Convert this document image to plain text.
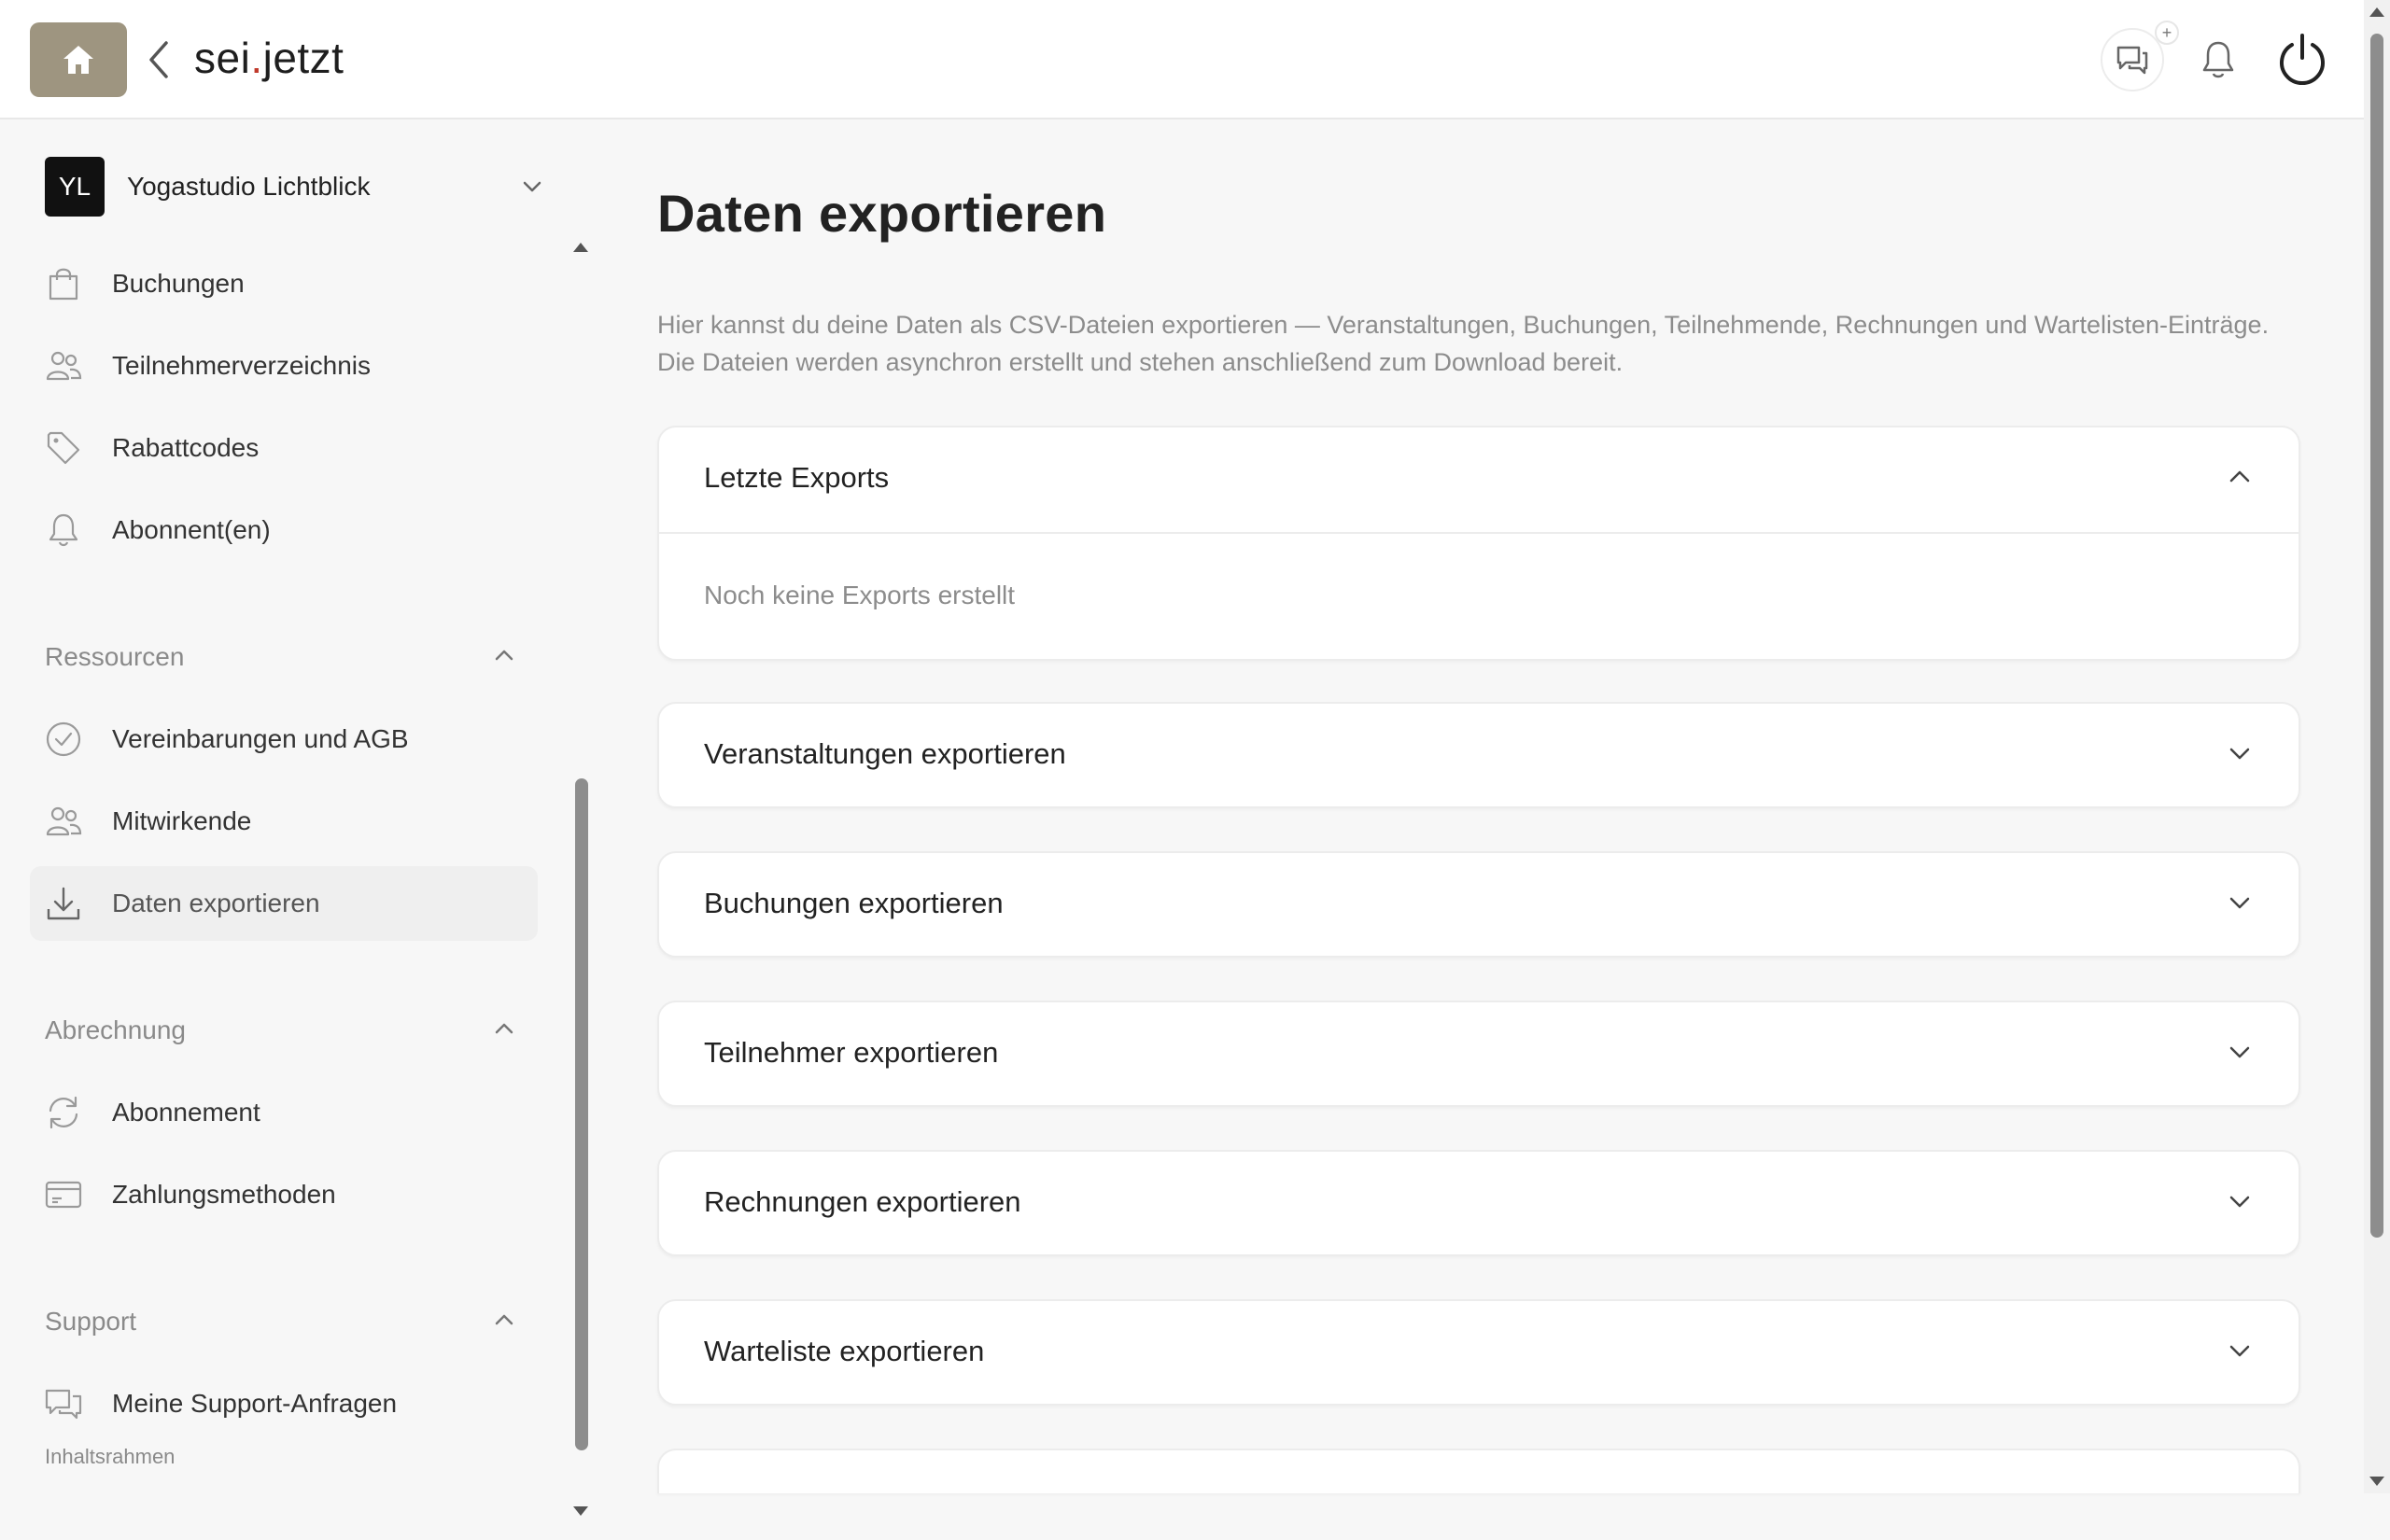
sei.jetzt
+
YL	Yogastudio Lichtblick
Buchungen
Teilnehmerverzeichnis
Rabattcodes
Abonnent(en)
Ressourcen
Vereinbarungen und AGB
Mitwirkende
Daten exportieren
Abrechnung
Abonnement
Zahlungsmethoden
Support
Meine Support-Anfragen
Inhaltsrahmen
Daten exportieren
Hier kannst du deine Daten als CSV-Dateien exportieren — Veranstaltungen, Buchungen, Teilnehmende, Rechnungen und Wartelisten-Einträge. Die Dateien werden asynchron erstellt und stehen anschließend zum Download bereit.
Letzte Exports
Noch keine Exports erstellt
Veranstaltungen exportieren
Buchungen exportieren
Teilnehmer exportieren
Rechnungen exportieren
Warteliste exportieren
